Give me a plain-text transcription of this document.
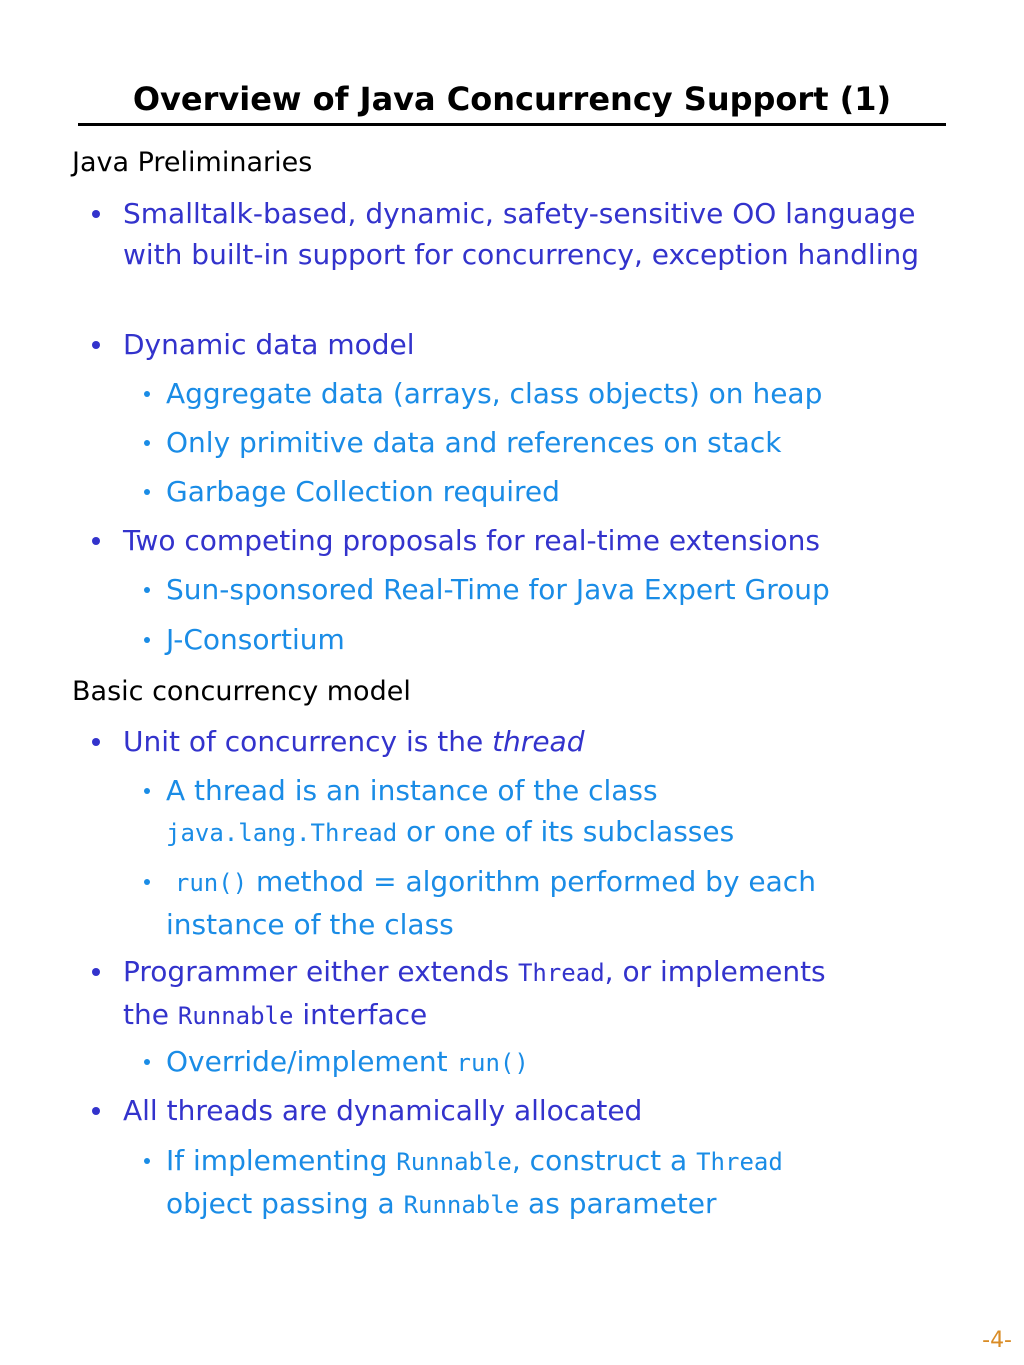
Overview of Java Concurrency Support (1)

Java Preliminaries

Smalltalk-based, dynamic, safety-sensitive OO language with built-in support for concurrency, exception handling

Dynamic data model

Aggregate data (arrays, class objects) on heap

Only primitive data and references on stack

Garbage Collection required

Two competing proposals for real-time extensions

Sun-sponsored Real-Time for Java Expert Group

J-Consortium

Basic concurrency model

Unit of concurrency is the thread

A thread is an instance of the class
java.lang.Thread or one of its subclasses

run() method = algorithm performed by each
instance of the class

Programmer either extends Thread, or implements
the Runnable interface

Override/implement run()

All threads are dynamically allocated

If implementing Runnable, construct a Thread
object passing a Runnable as parameter

-4-
